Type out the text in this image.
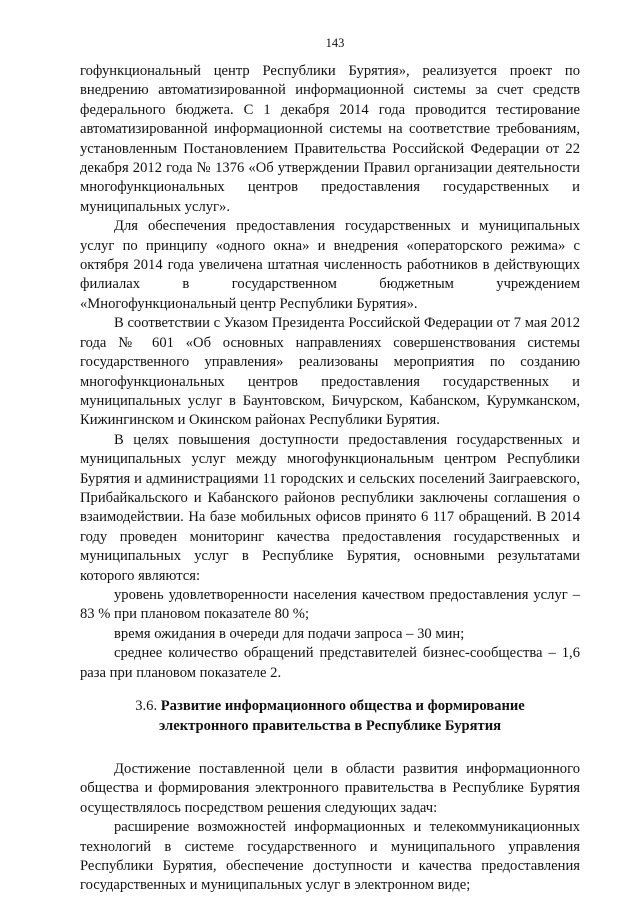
143

гофункциональный центр Республики Бурятия», реализуется проект по внедрению автоматизированной информационной системы за счет средств федерального бюджета. С 1 декабря 2014 года проводится тестирование автоматизированной информационной системы на соответствие требованиям, установленным Постановлением Правительства Российской Федерации от 22 декабря 2012 года № 1376 «Об утверждении Правил организации деятельности многофункциональных центров предоставления государственных и муниципальных услуг».

Для обеспечения предоставления государственных и муниципальных услуг по принципу «одного окна» и внедрения «операторского режима» с октября 2014 года увеличена штатная численность работников в действующих филиалах в государственном бюджетным учреждением «Многофункциональный центр Республики Бурятия».

В соответствии с Указом Президента Российской Федерации от 7 мая 2012 года № 601 «Об основных направлениях совершенствования системы государственного управления» реализованы мероприятия по созданию многофункциональных центров предоставления государственных и муниципальных услуг в Баунтовском, Бичурском, Кабанском, Курумканском, Кижингинском и Окинском районах Республики Бурятия.

В целях повышения доступности предоставления государственных и муниципальных услуг между многофункциональным центром Республики Бурятия и администрациями 11 городских и сельских поселений Заиграевского, Прибайкальского и Кабанского районов республики заключены соглашения о взаимодействии. На базе мобильных офисов принято 6 117 обращений. В 2014 году проведен мониторинг качества предоставления государственных и муниципальных услуг в Республике Бурятия, основными результатами которого являются:

уровень удовлетворенности населения качеством предоставления услуг – 83 % при плановом показателе 80 %;

время ожидания в очереди для подачи запроса – 30 мин;

среднее количество обращений представителей бизнес-сообщества – 1,6 раза при плановом показателе 2.

3.6. Развитие информационного общества и формирование
электронного правительства в Республике Бурятия

Достижение поставленной цели в области развития информационного общества и формирования электронного правительства в Республике Бурятия осуществлялось посредством решения следующих задач:

расширение возможностей информационных и телекоммуникационных технологий в системе государственного и муниципального управления Республики Бурятия, обеспечение доступности и качества предоставления государственных и муниципальных услуг в электронном виде;
